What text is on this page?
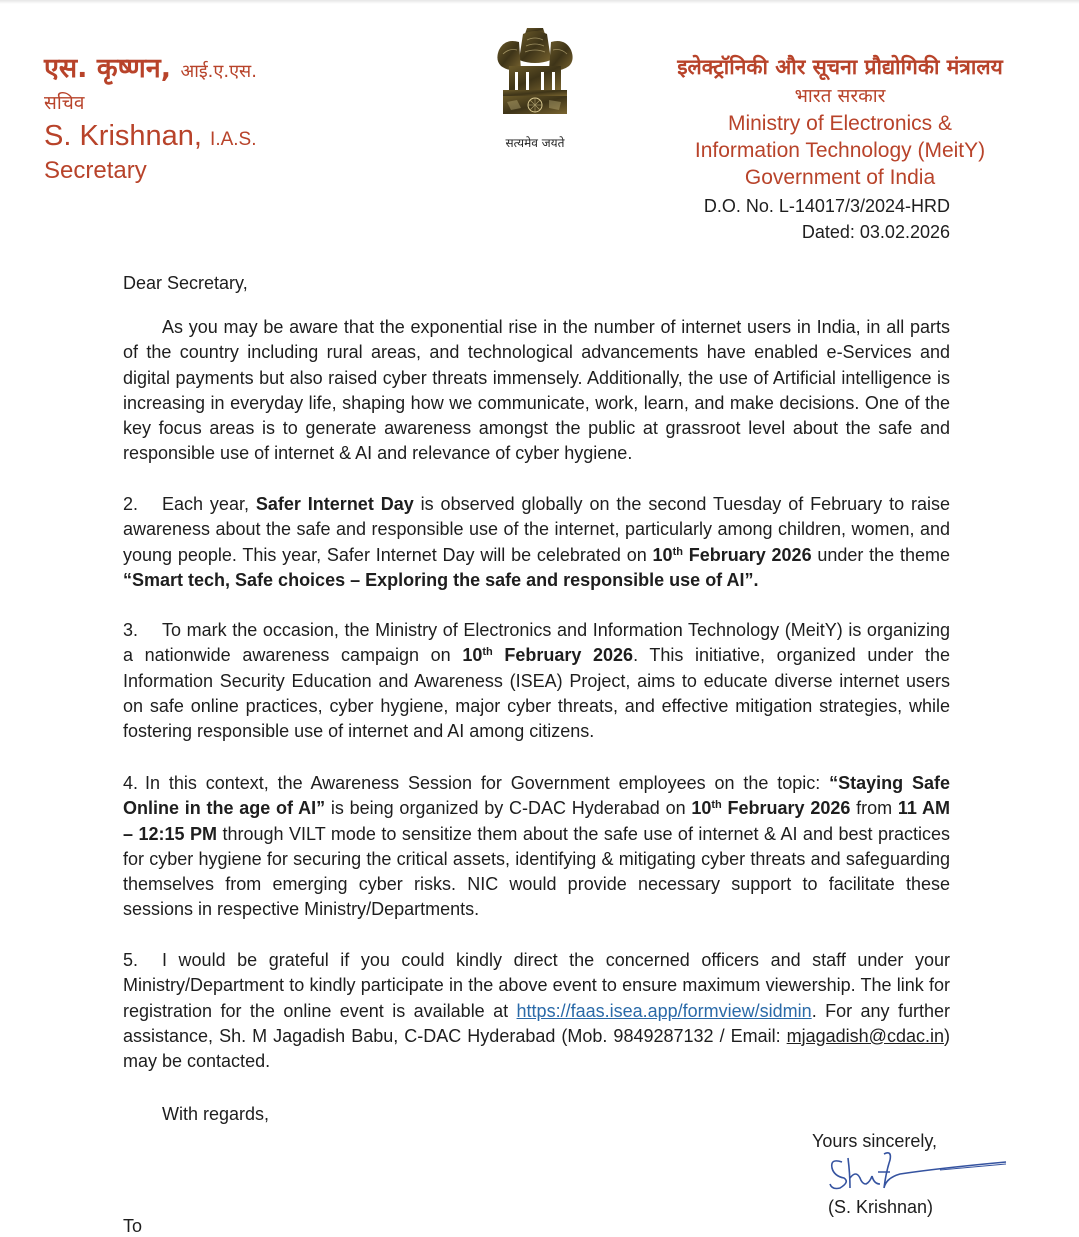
एस. कृष्णन, आई.ए.एस.
सचिव
S. Krishnan, I.A.S.
Secretary
सत्यमेव जयते
इलेक्ट्रॉनिकी और सूचना प्रौद्योगिकी मंत्रालय
भारत सरकार
Ministry of Electronics &
Information Technology (MeitY)
Government of India
D.O. No. L-14017/3/2024-HRD
Dated: 03.02.2026
Dear Secretary,
As you may be aware that the exponential rise in the number of internet users in India, in all parts of the country including rural areas, and technological advancements have enabled e-Services and digital payments but also raised cyber threats immensely. Additionally, the use of Artificial intelligence is increasing in everyday life, shaping how we communicate, work, learn, and make decisions. One of the key focus areas is to generate awareness amongst the public at grassroot level about the safe and responsible use of internet & AI and relevance of cyber hygiene.
2. Each year, Safer Internet Day is observed globally on the second Tuesday of February to raise awareness about the safe and responsible use of the internet, particularly among children, women, and young people. This year, Safer Internet Day will be celebrated on 10th February 2026 under the theme “Smart tech, Safe choices – Exploring the safe and responsible use of AI”.
3. To mark the occasion, the Ministry of Electronics and Information Technology (MeitY) is organizing a nationwide awareness campaign on 10th February 2026. This initiative, organized under the Information Security Education and Awareness (ISEA) Project, aims to educate diverse internet users on safe online practices, cyber hygiene, major cyber threats, and effective mitigation strategies, while fostering responsible use of internet and AI among citizens.
4. In this context, the Awareness Session for Government employees on the topic: “Staying Safe Online in the age of AI” is being organized by C-DAC Hyderabad on 10th February 2026 from 11 AM – 12:15 PM through VILT mode to sensitize them about the safe use of internet & AI and best practices for cyber hygiene for securing the critical assets, identifying & mitigating cyber threats and safeguarding themselves from emerging cyber risks. NIC would provide necessary support to facilitate these sessions in respective Ministry/Departments.
5. I would be grateful if you could kindly direct the concerned officers and staff under your Ministry/Department to kindly participate in the above event to ensure maximum viewership. The link for registration for the online event is available at https://faas.isea.app/formview/sidmin. For any further assistance, Sh. M Jagadish Babu, C-DAC Hyderabad (Mob. 9849287132 / Email: mjagadish@cdac.in) may be contacted.
With regards,
Yours sincerely,
(S. Krishnan)
To
